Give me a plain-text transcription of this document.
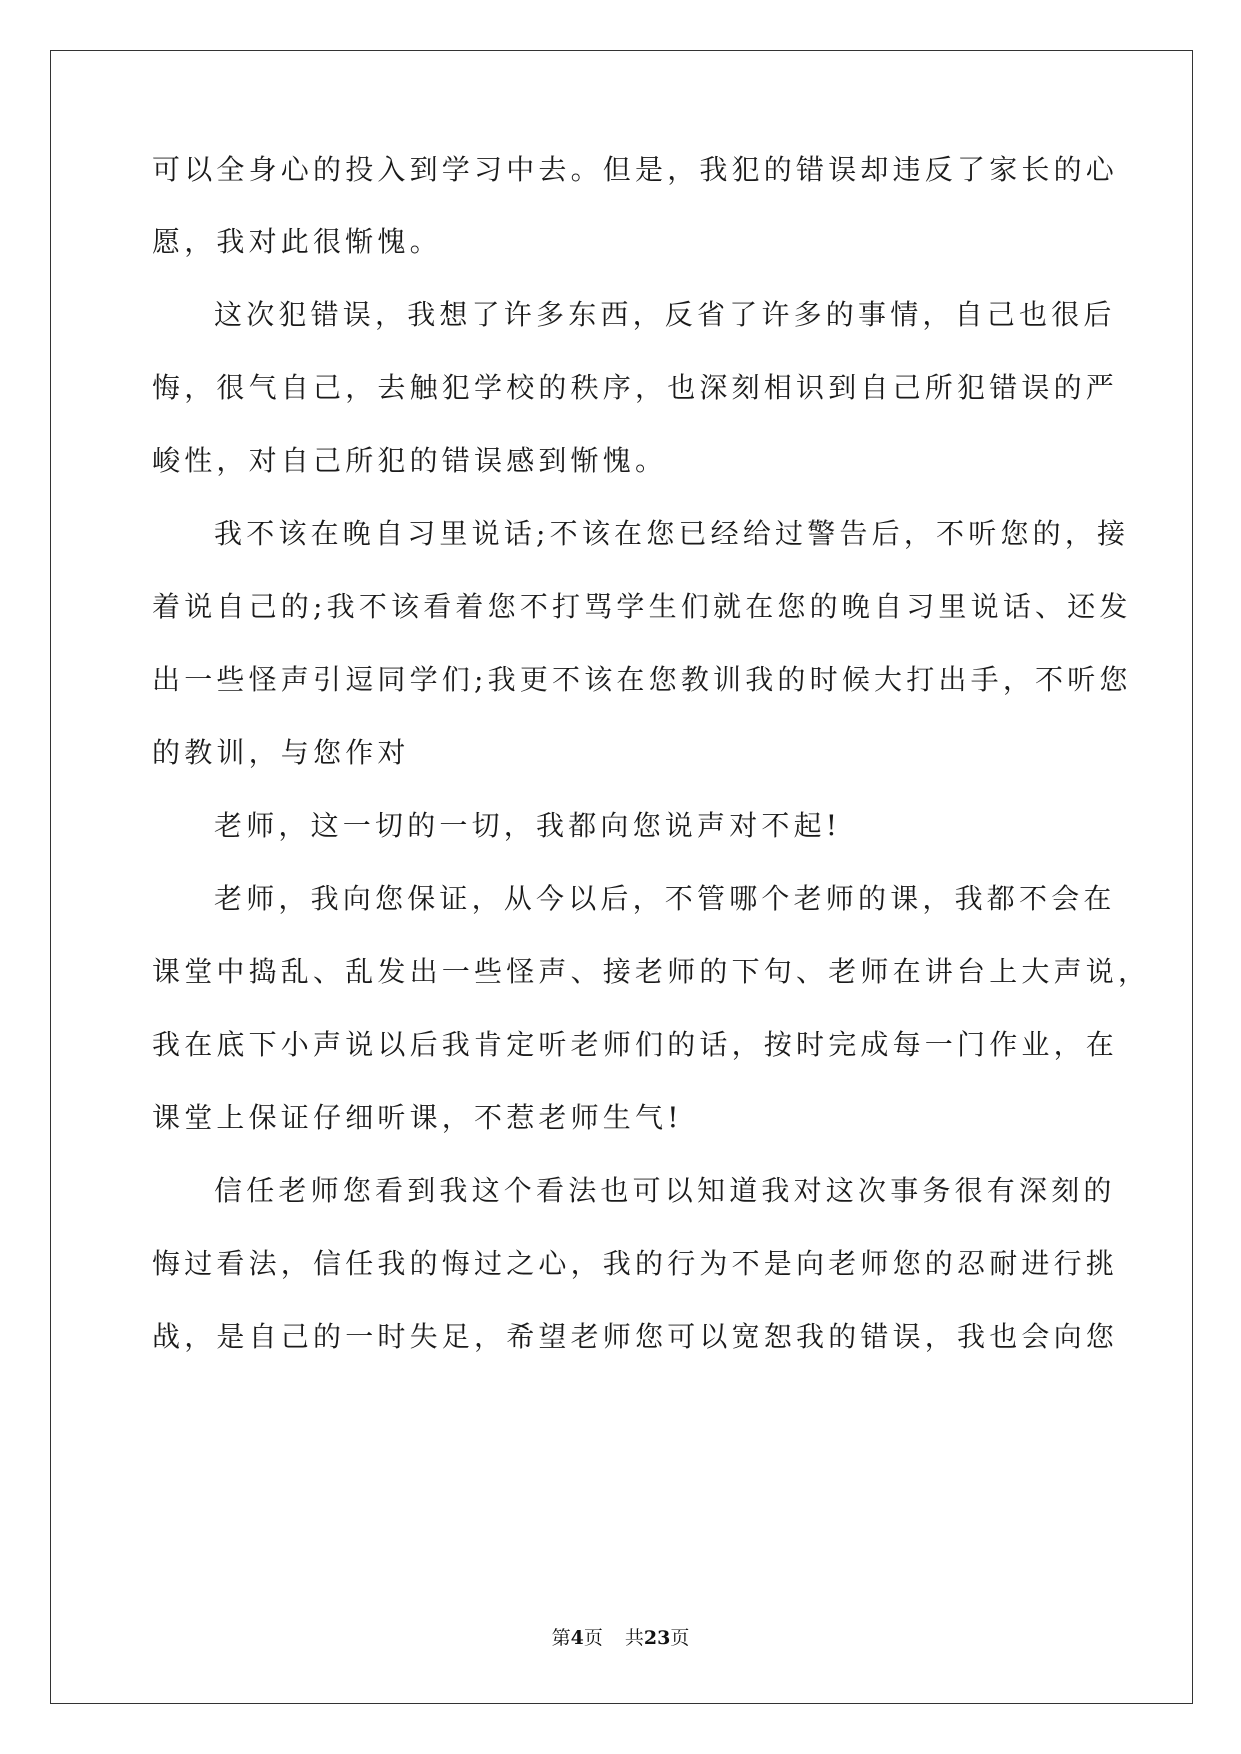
可以全身心的投入到学习中去。但是，我犯的错误却违反了家长的心
愿，我对此很惭愧。
这次犯错误，我想了许多东西，反省了许多的事情，自己也很后
悔，很气自己，去触犯学校的秩序，也深刻相识到自己所犯错误的严
峻性，对自己所犯的错误感到惭愧。
我不该在晚自习里说话;不该在您已经给过警告后，不听您的，接
着说自己的;我不该看着您不打骂学生们就在您的晚自习里说话、还发
出一些怪声引逗同学们;我更不该在您教训我的时候大打出手，不听您
的教训，与您作对
老师，这一切的一切，我都向您说声对不起!
老师，我向您保证，从今以后，不管哪个老师的课，我都不会在
课堂中捣乱、乱发出一些怪声、接老师的下句、老师在讲台上大声说，
我在底下小声说以后我肯定听老师们的话，按时完成每一门作业，在
课堂上保证仔细听课，不惹老师生气!
信任老师您看到我这个看法也可以知道我对这次事务很有深刻的
悔过看法，信任我的悔过之心，我的行为不是向老师您的忍耐进行挑
战，是自己的一时失足，希望老师您可以宽恕我的错误，我也会向您
第4页 共23页
